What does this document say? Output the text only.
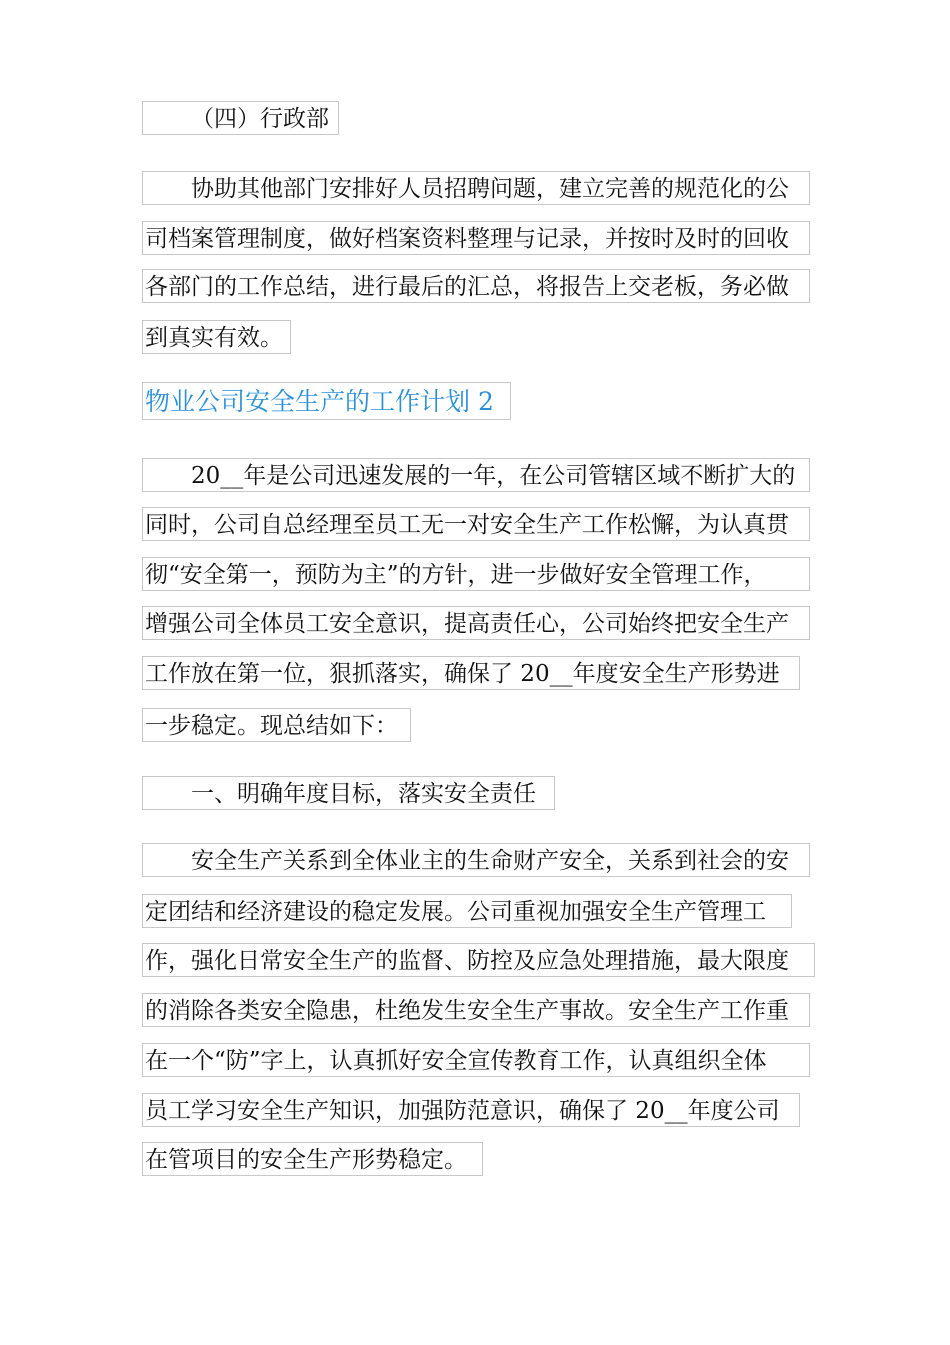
（四）行政部
协助其他部门安排好人员招聘问题，建立完善的规范化的公
司档案管理制度，做好档案资料整理与记录，并按时及时的回收
各部门的工作总结，进行最后的汇总，将报告上交老板，务必做
到真实有效。
物业公司安全生产的工作计划 2
20__年是公司迅速发展的一年，在公司管辖区域不断扩大的
同时，公司自总经理至员工无一对安全生产工作松懈，为认真贯
彻“安全第一，预防为主”的方针，进一步做好安全管理工作，
增强公司全体员工安全意识，提高责任心，公司始终把安全生产
工作放在第一位，狠抓落实，确保了 20__年度安全生产形势进
一步稳定。现总结如下：
一、明确年度目标，落实安全责任
安全生产关系到全体业主的生命财产安全，关系到社会的安
定团结和经济建设的稳定发展。公司重视加强安全生产管理工
作，强化日常安全生产的监督、防控及应急处理措施，最大限度
的消除各类安全隐患，杜绝发生安全生产事故。安全生产工作重
在一个“防”字上，认真抓好安全宣传教育工作，认真组织全体
员工学习安全生产知识，加强防范意识，确保了 20__年度公司
在管项目的安全生产形势稳定。
